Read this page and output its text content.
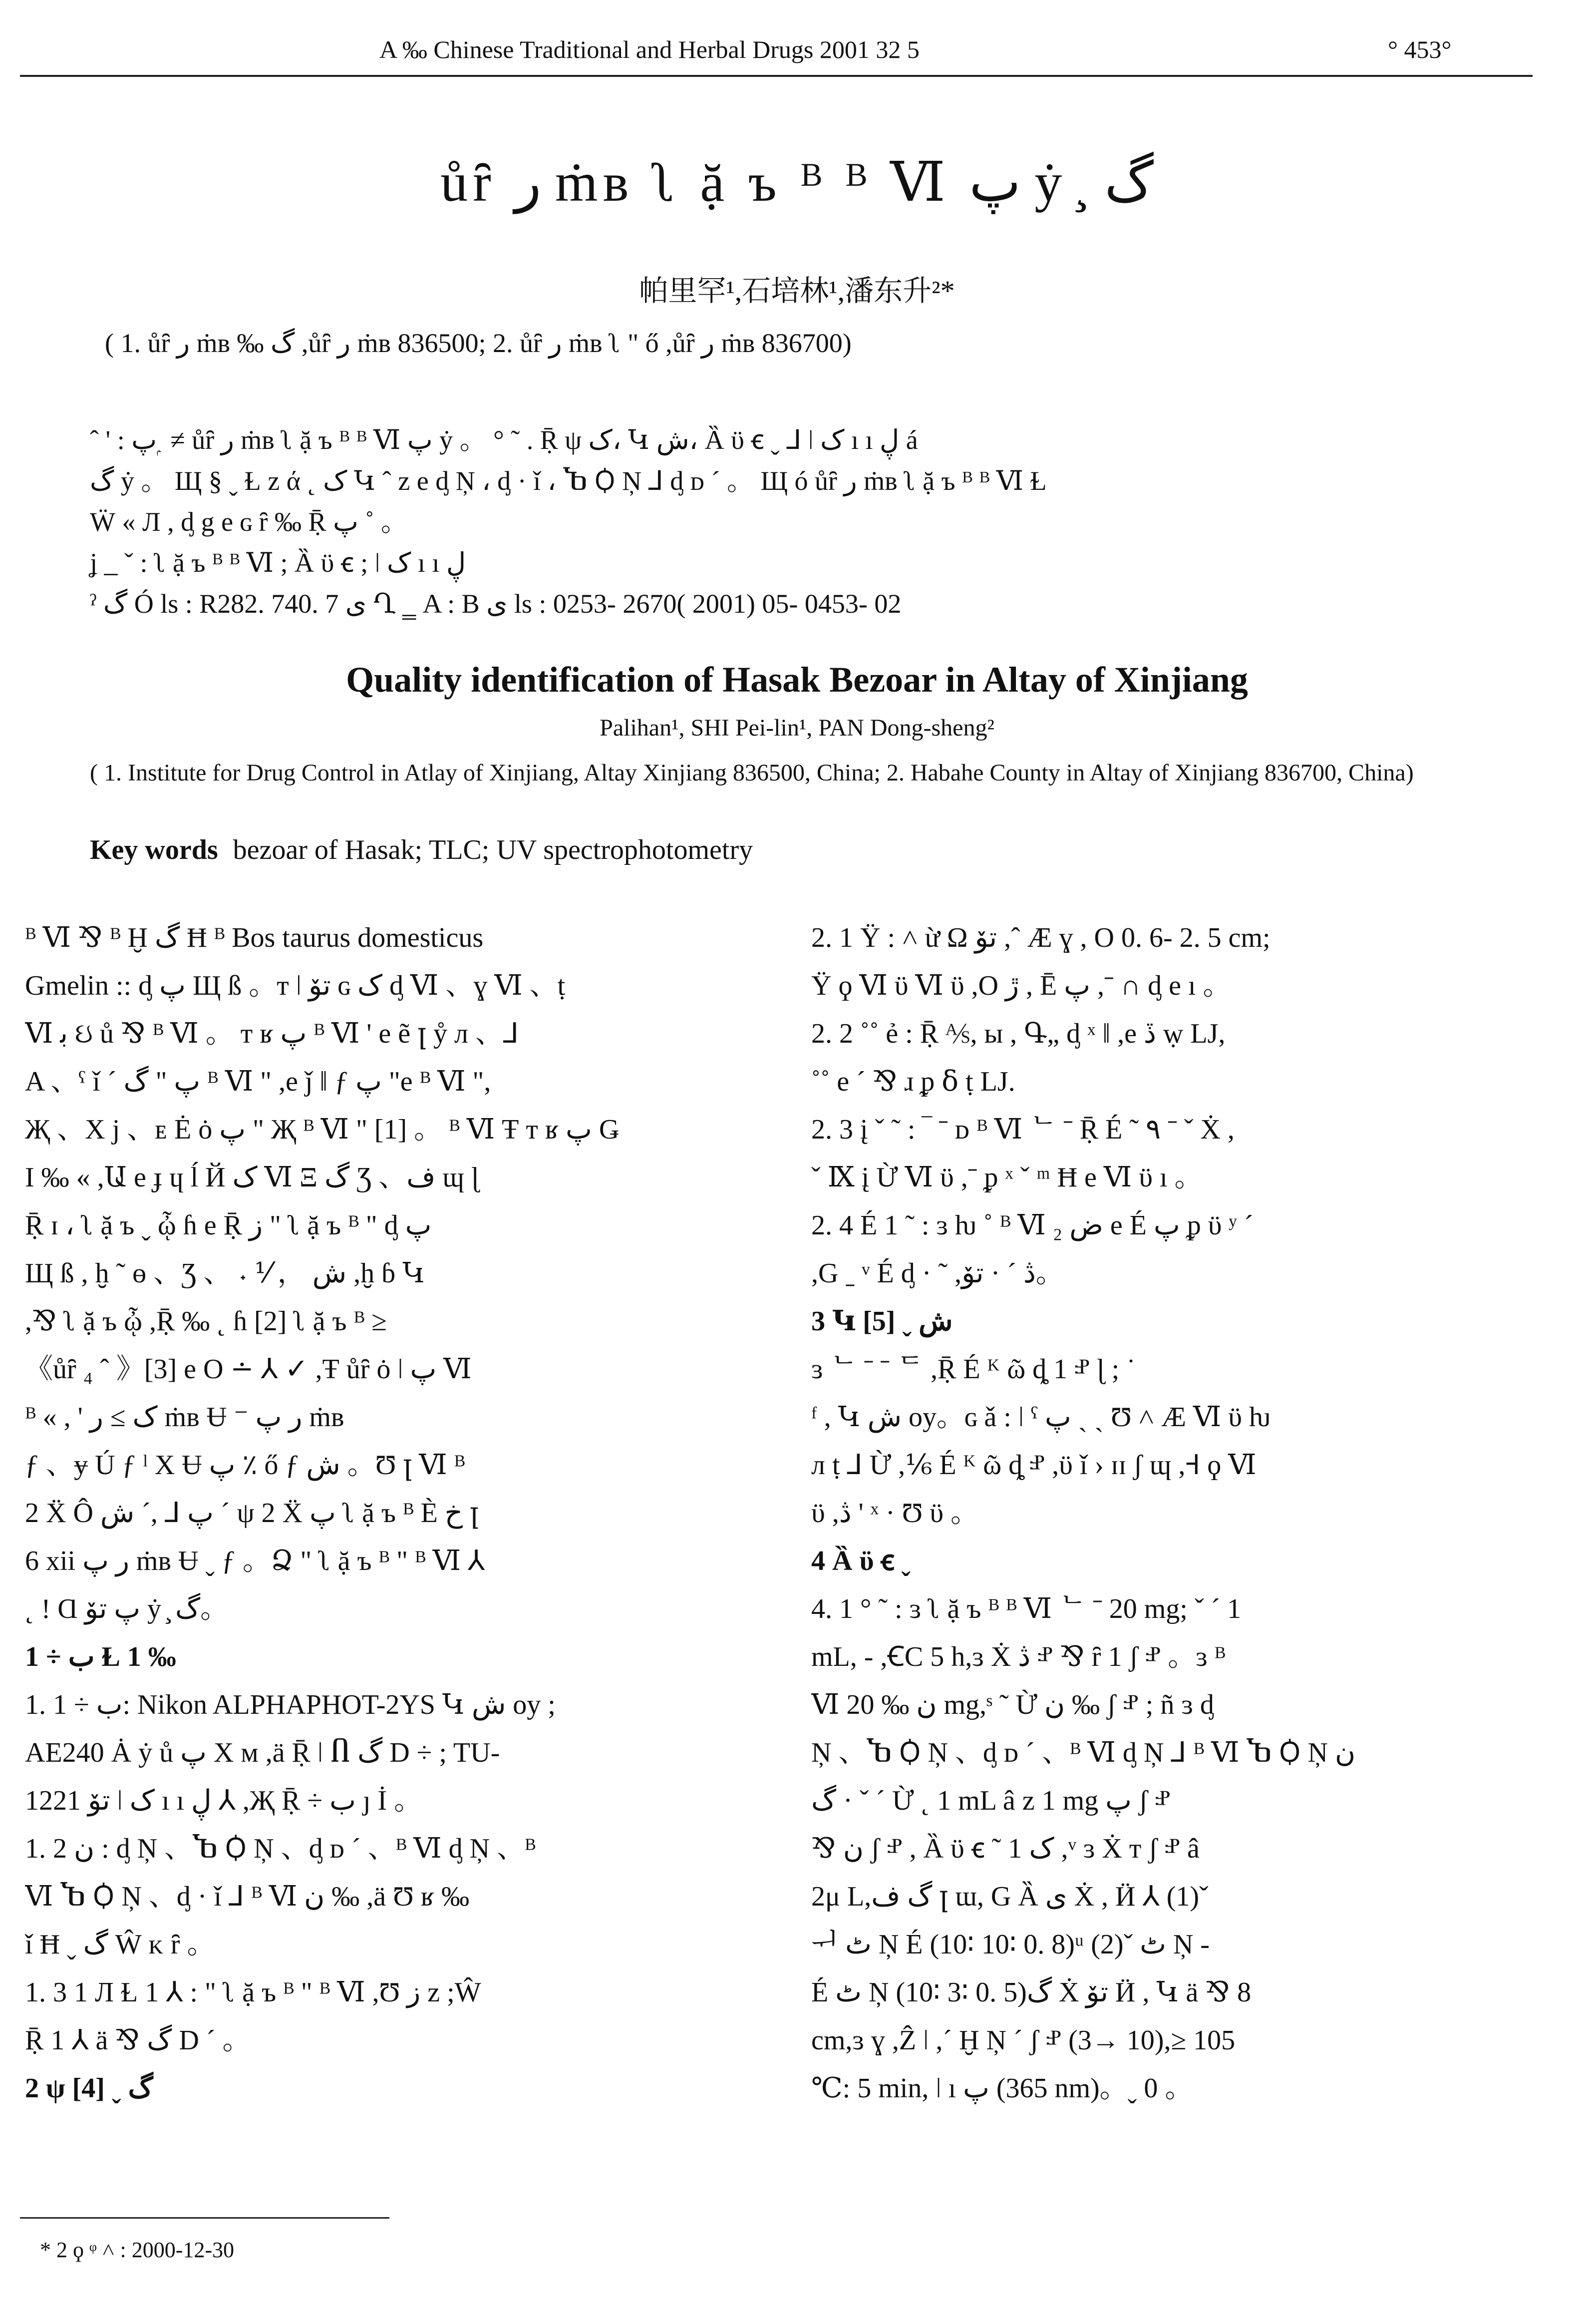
A ‰ Chinese Traditional and Herbal Drugs 2001 32 5	° 453°
ůȓ ر ṁʙ ʅ ặ ъ ᴮ ᴮ Ⅵ پ ẏ ̧ گ
帕里罕¹,石培林¹,潘东升²*
( 1. ůȓ ر ṁʙ ‰ گ ,ůȓ ر ṁʙ 836500; 2. ůȓ ر ṁʙ ʅ " ő ,ůȓ ر ṁʙ 836700)
ˆ ' : پ ۭ ≠ ůȓ ر ṁʙ ʅ ặ ъ ᴮ ᴮ Ⅵ پ ẏ 。 ° ˜ . Ṝ ψ ک، Կ ش، Ȁ ϋ ꞓ ˬ ⅃ ǀ ک ı ı ڸ á
گ ẏ 。 Щ § ˬ Ɫ ᴢ ά ˛ ک Կ ˆ ᴢ e ᶁ Ņ ، ᶁ · ǐ ، Ⴆ Ꟁ Ņ ⅃ ᶁ ᴅ ˊ 。 Щ ó ůȓ ر ṁʙ ʅ ặ ъ ᴮ ᴮ Ⅵ Ɫ
Ẅ « Л , ᶁ g e ɢ ȓ ‰ Ṝ پ ˚ 。
ʝ _ ˇ : ʅ ặ ъ ᴮ ᴮ Ⅵ ; Ȁ ϋ ꞓ ; ǀ ک ı ı ڸ
ˀ گ Ó ls : R282. 740. 7 ى Ղ ‗ A : B ى ls : 0253- 2670( 2001) 05- 0453- 02
Quality identification of Hasak Bezoar in Altay of Xinjiang
Palihan¹, SHI Pei-lin¹, PAN Dong-sheng²
( 1. Institute for Drug Control in Atlay of Xinjiang, Altay Xinjiang 836500, China; 2. Habahe County in Altay of Xinjiang 836700, China)
Key words bezoar of Hasak; TLC; UV spectrophotometry

ᴮ Ⅵ ⅋ ᴮ Ḫ گ Ħ ᴮ Bos taurus domesticus

Gmelin :: ᶁ پ Щ ß 。ᴛ ǀ تۆ ɢ ک ᶁ Ⅵ 、ɣ Ⅵ 、ṭ

Ⅵ ﺑ ઇ ů ⅋ ᴮ Ⅵ 。 ᴛ ʁ پ ᴮ Ⅵ ' e ẽ ꞁ ẙ л 、⅃

A 、ˁ ǐ ˊ پ " گ ᴮ Ⅵ " ,e ǰ ǁ ƒ پ "e ᴮ Ⅵ ",

Җ 、X ϳ 、ᴇ Ė ȯ پ " Җ ᴮ Ⅵ " [1] 。 ᴮ Ⅵ Ŧ ᴛ ʁ پ Ǥ

I ‰ « ,Ա e ɟ ɥ ĺ Й ک Ⅵ Ξ گ Ʒ 、ف ɰ ɭ

Ṝ ɪ ، ʅ ặ ъ ˬ ᾦ ɦ e Ṝ ز " ʅ ặ ъ ᴮ " ᶁ پ

Щ ß , ḫ ˜ ɵ 、Ʒ 、 ˖ ⅟ ， ش ,ḫ ɓ Կ

,⅋ ʅ ặ ъ ᾦ ,Ṝ ‰ ˛ ɦ [2] ʅ ặ ъ ᴮ ≥

《ůȓ ₄ ˆ 》[3] e O ∸ ⅄ ✓ ,Ŧ ůȓ ȯ ǀ پ Ⅵ

ᴮ « , ' ک ≥ ر ṁʙ Ʉ ⁻ ر پ ṁʙ

ƒ 、ɏ Ú ƒ ˡ X Ʉ پ ٪ ő ƒ ش 。Ʊ ꞁ Ⅵ ᴮ

2 Ẍ Ô پ ⅃ ,ˊ ش ˊ ψ 2 Ẍ پ ʅ ặ ъ ᴮ È خ ꞁ

6 xii ر پ ṁʙ Ʉ ˬ ƒ 。Ձ " ʅ ặ ъ ᴮ " ᴮ Ⅵ ⅄

˛ ! Ɑ پ تۆ ẏ ̧ گ。

1 ÷ ب Ɫ 1 ‰

1. 1 ÷ ب: Nikon ALPHAPHOT-2YS Կ ش oy ;

AE240 Ȧ ẏ ů پ X ᴍ ,ä Ṝ ǀ Ⴖ گ D ÷ ; TU-

1221 تۆ ǀ ک ı ı ڸ ⅄ ,Җ Ṝ ÷ ب ȷ İ 。

1. 2 ن : ᶁ Ņ 、Ⴆ Ꟁ Ņ 、ᶁ ᴅ ˊ 、ᴮ Ⅵ ᶁ Ņ 、ᴮ

Ⅵ Ⴆ Ꟁ Ņ 、ᶁ · ǐ ⅃ ᴮ Ⅵ ن ‰ ,ä Ʊ ʁ ‰

ǐ Ħ ˬ گ Ŵ ᴋ ȓ 。

1. 3 1 Л Ɫ 1 ⅄ : " ʅ ặ ъ ᴮ " ᴮ Ⅵ ,Ʊ ز z ;Ŵ

Ṝ 1 ⅄ ä ⅋ گ D ˊ 。

2 ψ گ ˬ [4]

2. 1 Ÿ : ˄ ừ Ω تۆ ,ˆ Æ ɣ , O 0. 6- 2. 5 cm;

Ÿ ϙ Ⅵ ϋ Ⅵ ϋ ,O ڙ , Ē پ ,ˉ ∩ ᶁ e ı 。

2. 2 ˚˚ ẻ : Ṝ ⅍, ы , Գ„ ᶁ ˣ ǁ ,e ڏ ẉ LJ,

˚˚ e ˊ ⅋ ɹ ᵱ ẟ ṭ LJ.

2. 3 į ˇ ˜ : ‾ ˉ ᴅ ᴮ Ⅵ ᄂ ˉ Ṝ É ˜ ٩ ˉ ˇ Ẋ ,

ˇ Ⅸ į Ừ Ⅵ ϋ ,ˉ ᵱ ˣ ˇ ᵐ Ħ e Ⅵ ϋ ı 。

2. 4 É 1 ˜ : ɜ ƕ ˚ ᴮ Ⅵ ض ₂ e É پ ᵱ ϋ ʸ ˊ

,G ˍ ᵛ É ᶁ · ˜ ,ڎ ˊ · تۆ。

3 Կ ش ˬ [5]

ɜ ᄂ ˉ ˉ ᄃ ,Ṝ É ᴷ ῶ ȡ 1 ⱀ ɭ ; ˙

ᶠ , Կ ش oy。ɢ ǎ : ǀ ˁ پ ˏ ˎ Ʊ ˄ Æ Ⅵ ϋ ƕ

л ṭ ⅃ Ừ ,⅙ É ᴷ ῶ ȡ ⱀ ,ϋ ǐ › ɪɪ ʃ ɰ ,Ꟶ ϙ Ⅵ

ϋ ,ڎ ' ˣ · Ʊ ϋ 。

4 Ȁ ϋ ꞓ ˬ

4. 1 ° ˜ : ɜ ʅ ặ ъ ᴮ ᴮ Ⅵ ᄂ ˉ 20 mg; ˇ ˊ 1

mL, - ,ꞒC 5 h,ɜ Ẋ ڎ ⱀ ⅋ ȓ 1 ʃ ⱀ 。ɜ ᴮ

Ⅵ ن ‰ 20 mg,ˢ ˜ Ừ ن ‰ ʃ ⱀ ; ñ ɜ ᶁ

Ņ 、Ⴆ Ꟁ Ņ 、ᶁ ᴅ ˊ 、ᴮ Ⅵ ᶁ Ņ ⅃ ᴮ Ⅵ Ⴆ Ꟁ Ņ ن

گ · ˇ ˊ Ừ ˛ 1 mL â z 1 mg پ ʃ ⱀ

⅋ ن ʃ ⱀ , Ȁ ϋ ꞓ ˜ 1 ک ,ᵛ ɜ Ẋ ᴛ ʃ ⱀ â

2μ L,گ ف ꞁ ɯ, G Ȁ ى Ẋ , Ӥ ⅄ (1)ˇ

ᅱ ٹ Ņ É (10∶ 10∶ 0. 8)ᵘ (2)ˇ ٹ Ņ -

É ٹ Ņ (10∶ 3∶ 0. 5)گ Ẋ تۆ Ӥ , Կ ä ⅋ 8

cm,ɜ ɣ ,Ẑ ǀ ,ˊ Ḫ Ņ ˊ ʃ ⱀ (3→ 10),≥ 105

℃: 5 min, ǀ ı پ (365 nm)。ˬ 0 。

* 2 ϙ ᵠ ˄ : 2000-12-30
